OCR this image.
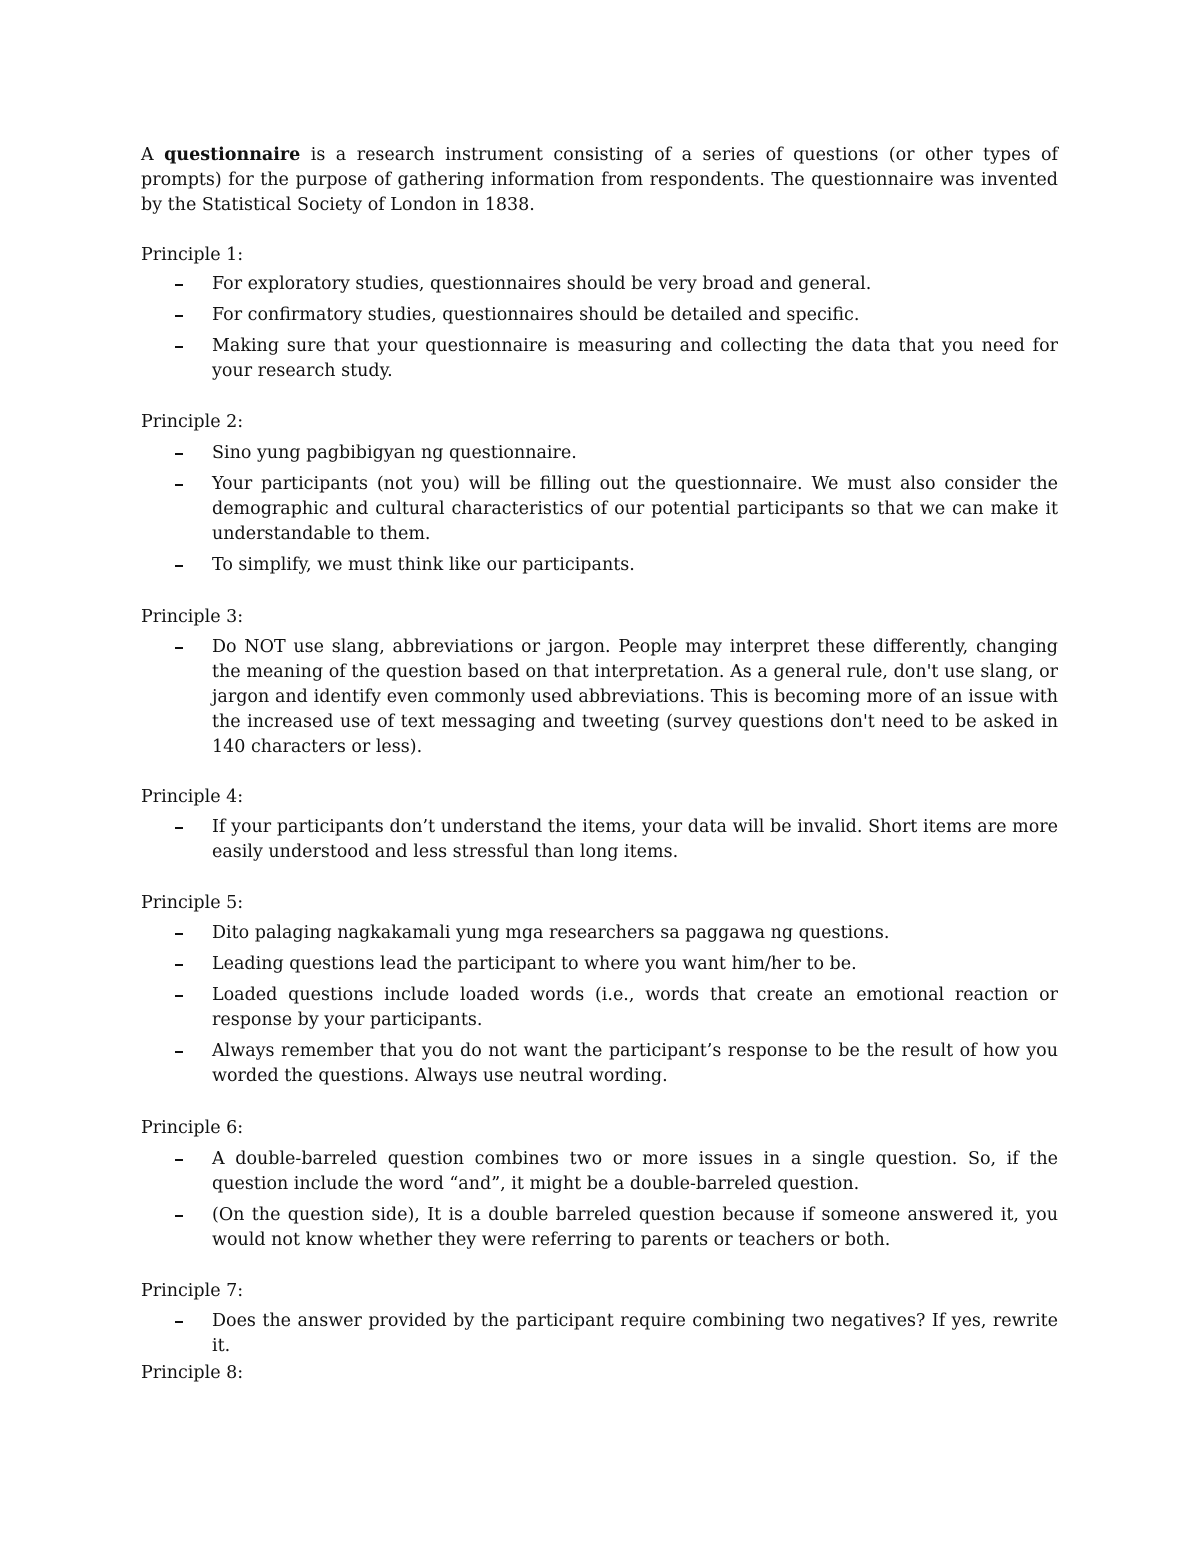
A questionnaire is a research instrument consisting of a series of questions (or other types of prompts) for the purpose of gathering information from respondents. The questionnaire was invented by the Statistical Society of London in 1838.

Principle 1:

For exploratory studies, questionnaires should be very broad and general.
For confirmatory studies, questionnaires should be detailed and specific.
Making sure that your questionnaire is measuring and collecting the data that you need for your research study.

Principle 2:

Sino yung pagbibigyan ng questionnaire.
Your participants (not you) will be filling out the questionnaire. We must also consider the demographic and cultural characteristics of our potential participants so that we can make it understandable to them.
To simplify, we must think like our participants.

Principle 3:

Do NOT use slang, abbreviations or jargon. People may interpret these differently, changing the meaning of the question based on that interpretation. As a general rule, don't use slang, or jargon and identify even commonly used abbreviations. This is becoming more of an issue with the increased use of text messaging and tweeting (survey questions don't need to be asked in 140 characters or less).

Principle 4:

If your participants don’t understand the items, your data will be invalid. Short items are more easily understood and less stressful than long items.

Principle 5:

Dito palaging nagkakamali yung mga researchers sa paggawa ng questions.
Leading questions lead the participant to where you want him/her to be.
Loaded questions include loaded words (i.e., words that create an emotional reaction or response by your participants.
Always remember that you do not want the participant’s response to be the result of how you worded the questions. Always use neutral wording.

Principle 6:

A double-barreled question combines two or more issues in a single question. So, if the question include the word “and”, it might be a double-barreled question.
(On the question side), It is a double barreled question because if someone answered it, you would not know whether they were referring to parents or teachers or both.

Principle 7:

Does the answer provided by the participant require combining two negatives? If yes, rewrite it.

Principle 8:
